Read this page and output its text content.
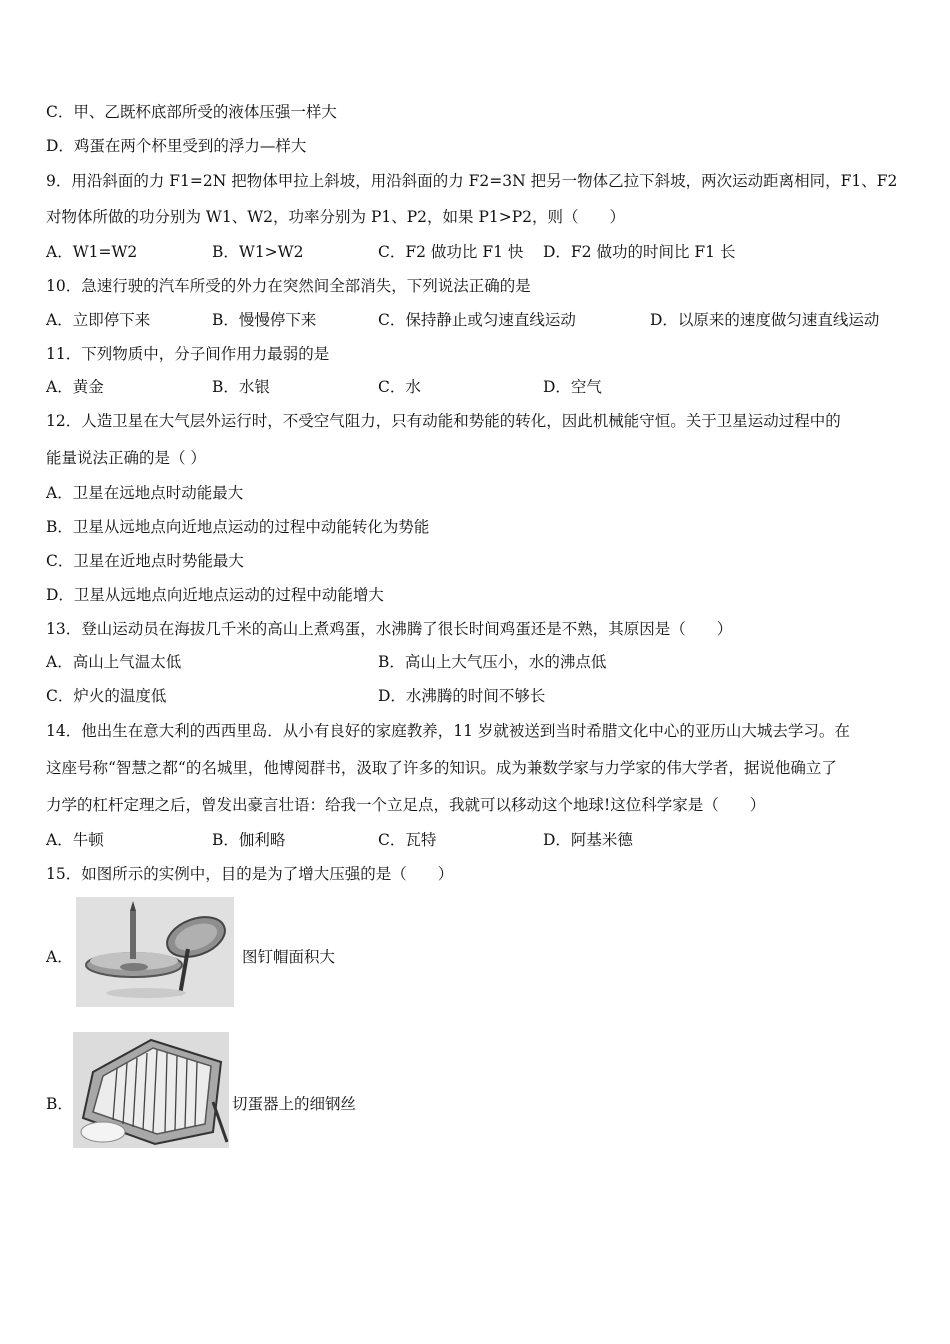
C．甲、乙既杯底部所受的液体压强一样大
D．鸡蛋在两个杯里受到的浮力—样大
9．用沿斜面的力 F1=2N 把物体甲拉上斜坡，用沿斜面的力 F2=3N 把另一物体乙拉下斜坡，两次运动距离相同，F1、F2
对物体所做的功分别为 W1、W2，功率分别为 P1、P2，如果 P1>P2，则（　　）
A．W1=W2	B．W1>W2	C．F2 做功比 F1 快 D．F2 做功的时间比 F1 长
10．急速行驶的汽车所受的外力在突然间全部消失，下列说法正确的是
A．立即停下来	B．慢慢停下来	C．保持静止或匀速直线运动	D．以原来的速度做匀速直线运动
11．下列物质中，分子间作用力最弱的是
A．黄金	B．水银	C．水	D．空气
12．人造卫星在大气层外运行时，不受空气阻力，只有动能和势能的转化，因此机械能守恒。关于卫星运动过程中的
能量说法正确的是（ ）
A．卫星在远地点时动能最大
B．卫星从远地点向近地点运动的过程中动能转化为势能
C．卫星在近地点时势能最大
D．卫星从远地点向近地点运动的过程中动能增大
13．登山运动员在海拔几千米的高山上煮鸡蛋，水沸腾了很长时间鸡蛋还是不熟，其原因是（　　）
A．高山上气温太低	B．高山上大气压小，水的沸点低
C．炉火的温度低	D．水沸腾的时间不够长
14．他出生在意大利的西西里岛．从小有良好的家庭教养，11 岁就被送到当时希腊文化中心的亚历山大城去学习。在
这座号称“智慧之都“的名城里，他博阅群书，汲取了许多的知识。成为兼数学家与力学家的伟大学者，据说他确立了
力学的杠杆定理之后，曾发出豪言壮语：给我一个立足点，我就可以移动这个地球!这位科学家是（　　）
A．牛顿	B．伽利略	C．瓦特	D．阿基米德
15．如图所示的实例中，目的是为了增大压强的是（　　）
A．	图钉帽面积大
B．	切蛋器上的细钢丝
